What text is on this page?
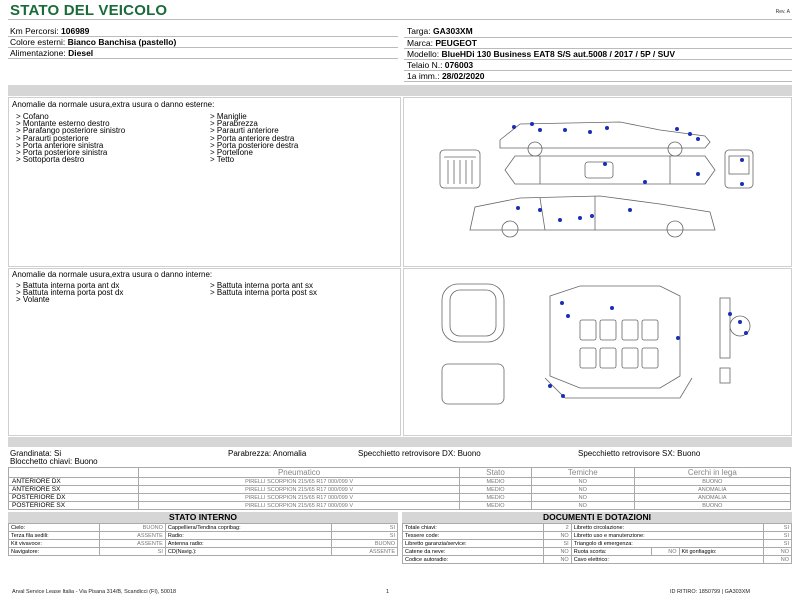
STATO DEL VEICOLO	Rev. A
Km Percorsi: 106989
Colore esterni: Bianco Banchisa (pastello)
Alimentazione: Diesel
Targa: GA303XM
Marca: PEUGEOT
Modello: BlueHDi 130 Business EAT8 S/S aut.5008 / 2017 / 5P / SUV
Telaio N.: 076003
1a imm.: 28/02/2020
Anomalie da normale usura,extra usura o danno esterne:
> Cofano
> Montante esterno destro
> Parafango posteriore sinistro
> Paraurti posteriore
> Porta anteriore sinistra
> Porta posteriore sinistra
> Sottoporta destro
> Maniglie
> Parabrezza
> Paraurti anteriore
> Porta anteriore destra
> Porta posteriore destra
> Portellone
> Tetto
Anomalie da normale usura,extra usura o danno interne:
> Battuta interna porta ant dx
> Battuta interna porta post dx
> Volante
> Battuta interna porta ant sx
> Battuta interna porta post sx
Grandinata: Si	Parabrezza: Anomalia	Specchietto retrovisore DX: Buono	Specchietto retrovisore SX: Buono
Blocchetto chiavi: Buono
	Pneumatico	Stato	Temiche	Cerchi in lega
ANTERIORE DX	PIRELLI SCORPION 215/65 R17 000/099 V	MEDIO	NO	BUONO
ANTERIORE SX	PIRELLI SCORPION 215/65 R17 000/099 V	MEDIO	NO	ANOMALIA
POSTERIORE DX	PIRELLI SCORPION 215/65 R17 000/099 V	MEDIO	NO	ANOMALIA
POSTERIORE SX	PIRELLI SCORPION 215/65 R17 000/099 V	MEDIO	NO	BUONO
STATO INTERNO
Cielo:	BUONO	Cappelliera/Tendina copribag:	SI
Terza fila sedili:	ASSENTE	Radio:	SI
Kit vivavoce:	ASSENTE	Antenna radio:	BUONO
Navigatore:	SI	CD(Navig.):	ASSENTE
DOCUMENTI E DOTAZIONI
Totale chiavi:	2	Libretto circolazione:			SI
Tessere code:	NO	Libretto uso e manutenzione:			SI
Libretto garanzia/service:	SI	Triangolo di emergenza:			SI
Catene da neve:	NO	Ruota scorta:	NO	Kit gonfiaggio:	NO
Codice autoradio:	NO	Cavo elettrico:			NO
Arval Service Lease Italia - Via Pisana 314/B, Scandicci (FI), 50018	1	ID RITIRO: 1850799 | GA303XM
